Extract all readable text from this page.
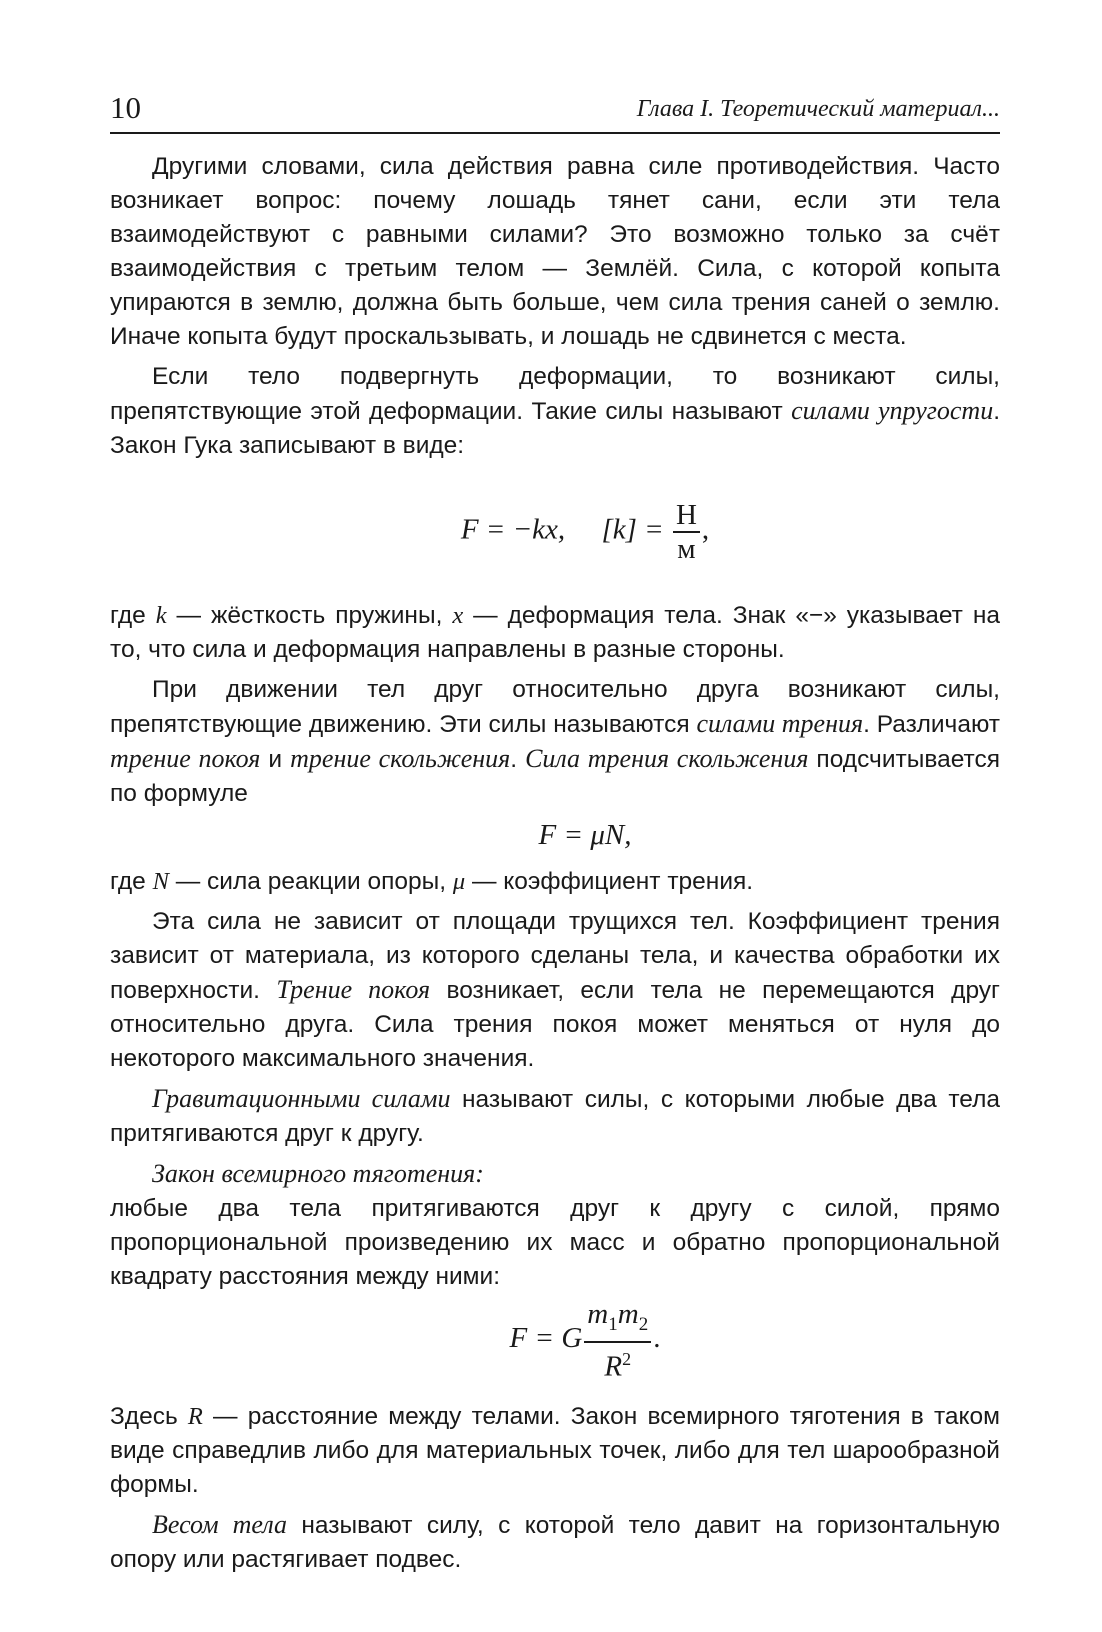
10	Глава I. Теоретический материал...

Другими словами, сила действия равна силе противодействия. Часто возникает вопрос: почему лошадь тянет сани, если эти тела взаимодействуют с равными силами? Это возможно только за счёт взаимодействия с третьим телом — Землёй. Сила, с которой копыта упираются в землю, должна быть больше, чем сила трения саней о землю. Иначе копыта будут проскальзывать, и лошадь не сдвинется с места.

Если тело подвергнуть деформации, то возникают силы, препятствующие этой деформации. Такие силы называют силами упругости. Закон Гука записывают в виде:

F = −kx, $[k] = \frac{Н}{м}$ ,

где k — жёсткость пружины, x — деформация тела. Знак «−» указывает на то, что сила и деформация направлены в разные стороны.

При движении тел друг относительно друга возникают силы, препятствующие движению. Эти силы называются силами трения. Различают трение покоя и трение скольжения. Сила трения скольжения подсчитывается по формуле

F = μN,

где N — сила реакции опоры, μ — коэффициент трения.

Эта сила не зависит от площади трущихся тел. Коэффициент трения зависит от материала, из которого сделаны тела, и качества обработки их поверхности. Трение покоя возникает, если тела не перемещаются друг относительно друга. Сила трения покоя может меняться от нуля до некоторого максимального значения.

Гравитационными силами называют силы, с которыми любые два тела притягиваются друг к другу.

Закон всемирного тяготения:

любые два тела притягиваются друг к другу с силой, прямо пропорциональной произведению их масс и обратно пропорциональной квадрату расстояния между ними:

F = G $\frac{m_1m_2}{R^2}$ .

Здесь R — расстояние между телами. Закон всемирного тяготения в таком виде справедлив либо для материальных точек, либо для тел шарообразной формы.

Весом тела называют силу, с которой тело давит на горизонтальную опору или растягивает подвес.
